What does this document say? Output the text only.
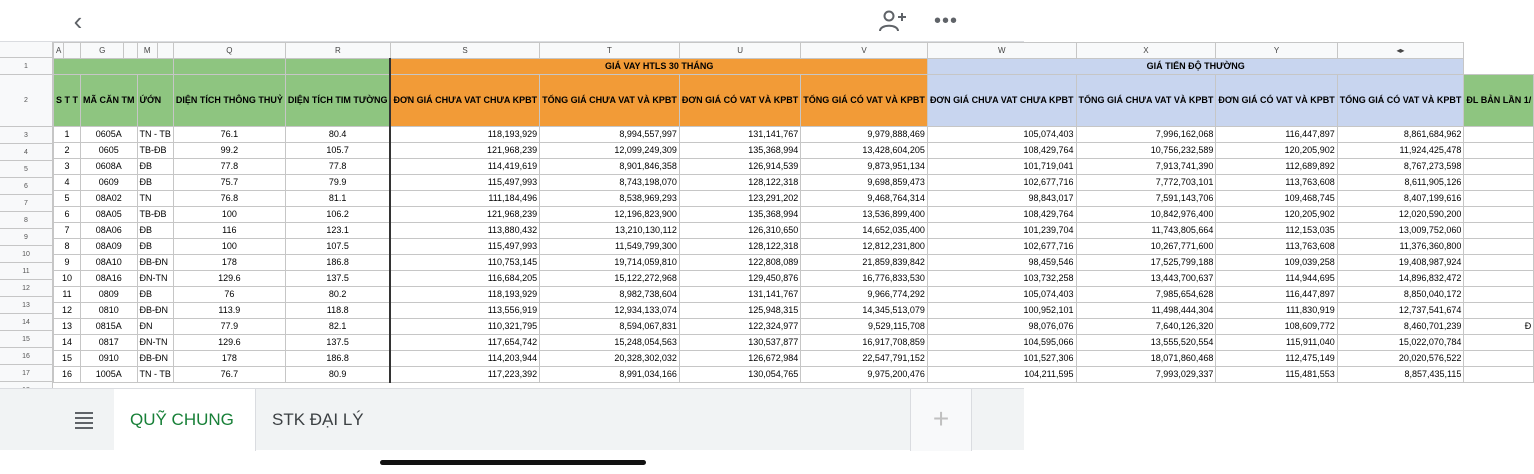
‹	•••
1
2
3
4
5
6
7
8
9
10
11
12
13
14
15
16
17
A		G		M		Q	R	S	T	U	V	W	X	Y	◂▸	
								GIÁ VAY HTLS 30 THÁNG				GIÁ TIẾN ĐỘ THƯỜNG				
S T T		MÃ CĂN TM		ỨỚN		DIỆN TÍCH THÔNG THUỶ	DIỆN TÍCH TIM TƯỜNG	ĐƠN GIÁ CHƯA VAT CHƯA KPBT	TỔNG GIÁ CHƯA VAT VÀ KPBT	ĐƠN GIÁ CÓ VAT VÀ KPBT	TỔNG GIÁ CÓ VAT VÀ KPBT	ĐƠN GIÁ CHƯA VAT CHƯA KPBT	TỔNG GIÁ CHƯA VAT VÀ KPBT	ĐƠN GIÁ CÓ VAT VÀ KPBT	TỔNG GIÁ CÓ VAT VÀ KPBT	ĐL BẢN LẦN 1/
1		0605A		TN - TB		76.1	80.4	118,193,929	8,994,557,997	131,141,767	9,979,888,469	105,074,403	7,996,162,068	116,447,897	8,861,684,962	
2		0605		TB-ĐB		99.2	105.7	121,968,239	12,099,249,309	135,368,994	13,428,604,205	108,429,764	10,756,232,589	120,205,902	11,924,425,478	
3		0608A		ĐB		77.8	77.8	114,419,619	8,901,846,358	126,914,539	9,873,951,134	101,719,041	7,913,741,390	112,689,892	8,767,273,598	
4		0609		ĐB		75.7	79.9	115,497,993	8,743,198,070	128,122,318	9,698,859,473	102,677,716	7,772,703,101	113,763,608	8,611,905,126	
5		08A02		TN		76.8	81.1	111,184,496	8,538,969,293	123,291,202	9,468,764,314	98,843,017	7,591,143,706	109,468,745	8,407,199,616	
6		08A05		TB-ĐB		100	106.2	121,968,239	12,196,823,900	135,368,994	13,536,899,400	108,429,764	10,842,976,400	120,205,902	12,020,590,200	
7		08A06		ĐB		116	123.1	113,880,432	13,210,130,112	126,310,650	14,652,035,400	101,239,704	11,743,805,664	112,153,035	13,009,752,060	
8		08A09		ĐB		100	107.5	115,497,993	11,549,799,300	128,122,318	12,812,231,800	102,677,716	10,267,771,600	113,763,608	11,376,360,800	
9		08A10		ĐB-ĐN		178	186.8	110,753,145	19,714,059,810	122,808,089	21,859,839,842	98,459,546	17,525,799,188	109,039,258	19,408,987,924	
10		08A16		ĐN-TN		129.6	137.5	116,684,205	15,122,272,968	129,450,876	16,776,833,530	103,732,258	13,443,700,637	114,944,695	14,896,832,472	
11		0809		ĐB		76	80.2	118,193,929	8,982,738,604	131,141,767	9,966,774,292	105,074,403	7,985,654,628	116,447,897	8,850,040,172	
12		0810		ĐB-ĐN		113.9	118.8	113,556,919	12,934,133,074	125,948,315	14,345,513,079	100,952,101	11,498,444,304	111,830,919	12,737,541,674	
13		0815A		ĐN		77.9	82.1	110,321,795	8,594,067,831	122,324,977	9,529,115,708	98,076,076	7,640,126,320	108,609,772	8,460,701,239	Đ
14		0817		ĐN-TN		129.6	137.5	117,654,742	15,248,054,563	130,537,877	16,917,708,859	104,595,066	13,555,520,554	115,911,040	15,022,070,784	
15		0910		ĐB-ĐN		178	186.8	114,203,944	20,328,302,032	126,672,984	22,547,791,152	101,527,306	18,071,860,468	112,475,149	20,020,576,522	
16		1005A		TN - TB		76.7	80.9	117,223,392	8,991,034,166	130,054,765	9,975,200,476	104,211,595	7,993,029,337	115,481,553	8,857,435,115	
QUỸ CHUNG	STK ĐẠI LÝ	+
